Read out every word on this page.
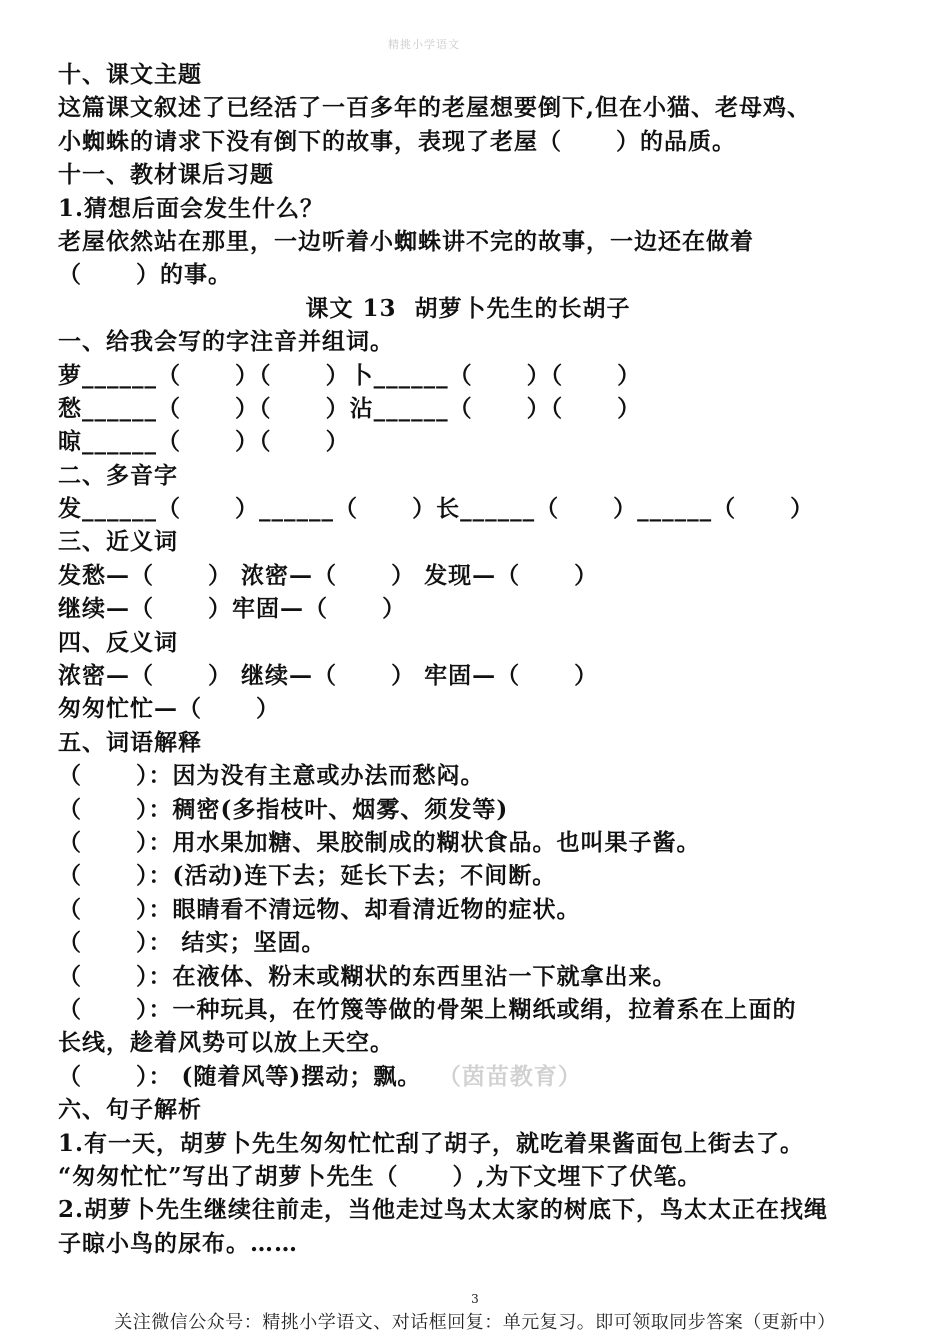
精挑小学语文
十、课文主题
这篇课文叙述了已经活了一百多年的老屋想要倒下,但在小猫、老母鸡、
小蜘蛛的请求下没有倒下的故事，表现了老屋（      ）的品质。
十一、教材课后习题
1.猜想后面会发生什么？
老屋依然站在那里，一边听着小蜘蛛讲不完的故事，一边还在做着
（      ）的事。
课文 13  胡萝卜先生的长胡子
一、给我会写的字注音并组词。
萝______（      ）（      ）卜______（      ）（      ）
愁______（      ）（      ）沾______（      ）（      ）
晾______（      ）（      ）
二、多音字
发______（      ）______（      ）长______（      ）______（      ）
三、近义词
发愁—（      ） 浓密—（      ） 发现—（      ）
继续—（      ）牢固—（      ）
四、反义词
浓密—（      ） 继续—（      ） 牢固—（      ）
匆匆忙忙—（      ）
五、词语解释
（      ）：因为没有主意或办法而愁闷。
（      ）：稠密(多指枝叶、烟雾、须发等)
（      ）：用水果加糖、果胶制成的糊状食品。也叫果子酱。
（      ）：(活动)连下去；延长下去；不间断。
（      ）：眼睛看不清远物、却看清近物的症状。
（      ）： 结实；坚固。
（      ）：在液体、粉末或糊状的东西里沾一下就拿出来。
（      ）：一种玩具，在竹篾等做的骨架上糊纸或绢，拉着系在上面的
长线，趁着风势可以放上天空。
（      ）： (随着风等)摆动；飘。 （茵苗教育）
六、句子解析
1.有一天，胡萝卜先生匆匆忙忙刮了胡子，就吃着果酱面包上街去了。
“匆匆忙忙”写出了胡萝卜先生（      ）,为下文埋下了伏笔。
2.胡萝卜先生继续往前走，当他走过鸟太太家的树底下，鸟太太正在找绳
子晾小鸟的尿布。……
3
关注微信公众号：精挑小学语文、对话框回复：单元复习。即可领取同步答案（更新中）
